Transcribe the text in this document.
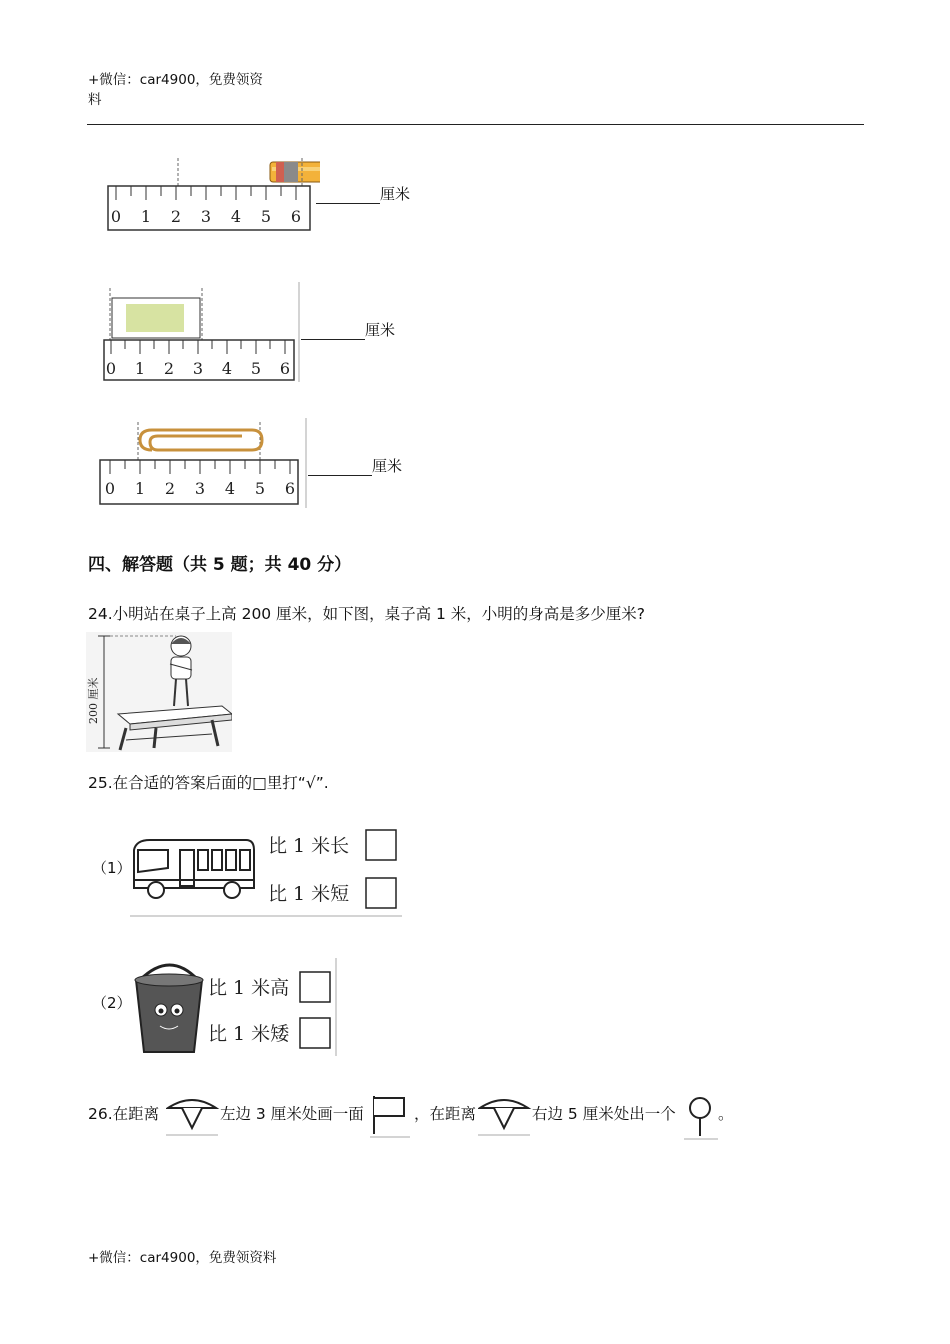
+微信：car4900，免费领资
料
0 1 2 3 4 5 6
厘米
0 1 2 3 4 5 6
厘米
0 1 2 3 4 5 6
厘米
四、解答题（共 5 题；共 40 分）
24.小明站在桌子上高 200 厘米，如下图，桌子高 1 米，小明的身高是多少厘米?
200 厘米
25.在合适的答案后面的□里打“√”.
（1）
比 1 米长
比 1 米短
（2）
比 1 米高
比 1 米矮
26.在距离	左边 3 厘米处画一面	，在距离	右边 5 厘米处出一个	。
+微信：car4900，免费领资料
